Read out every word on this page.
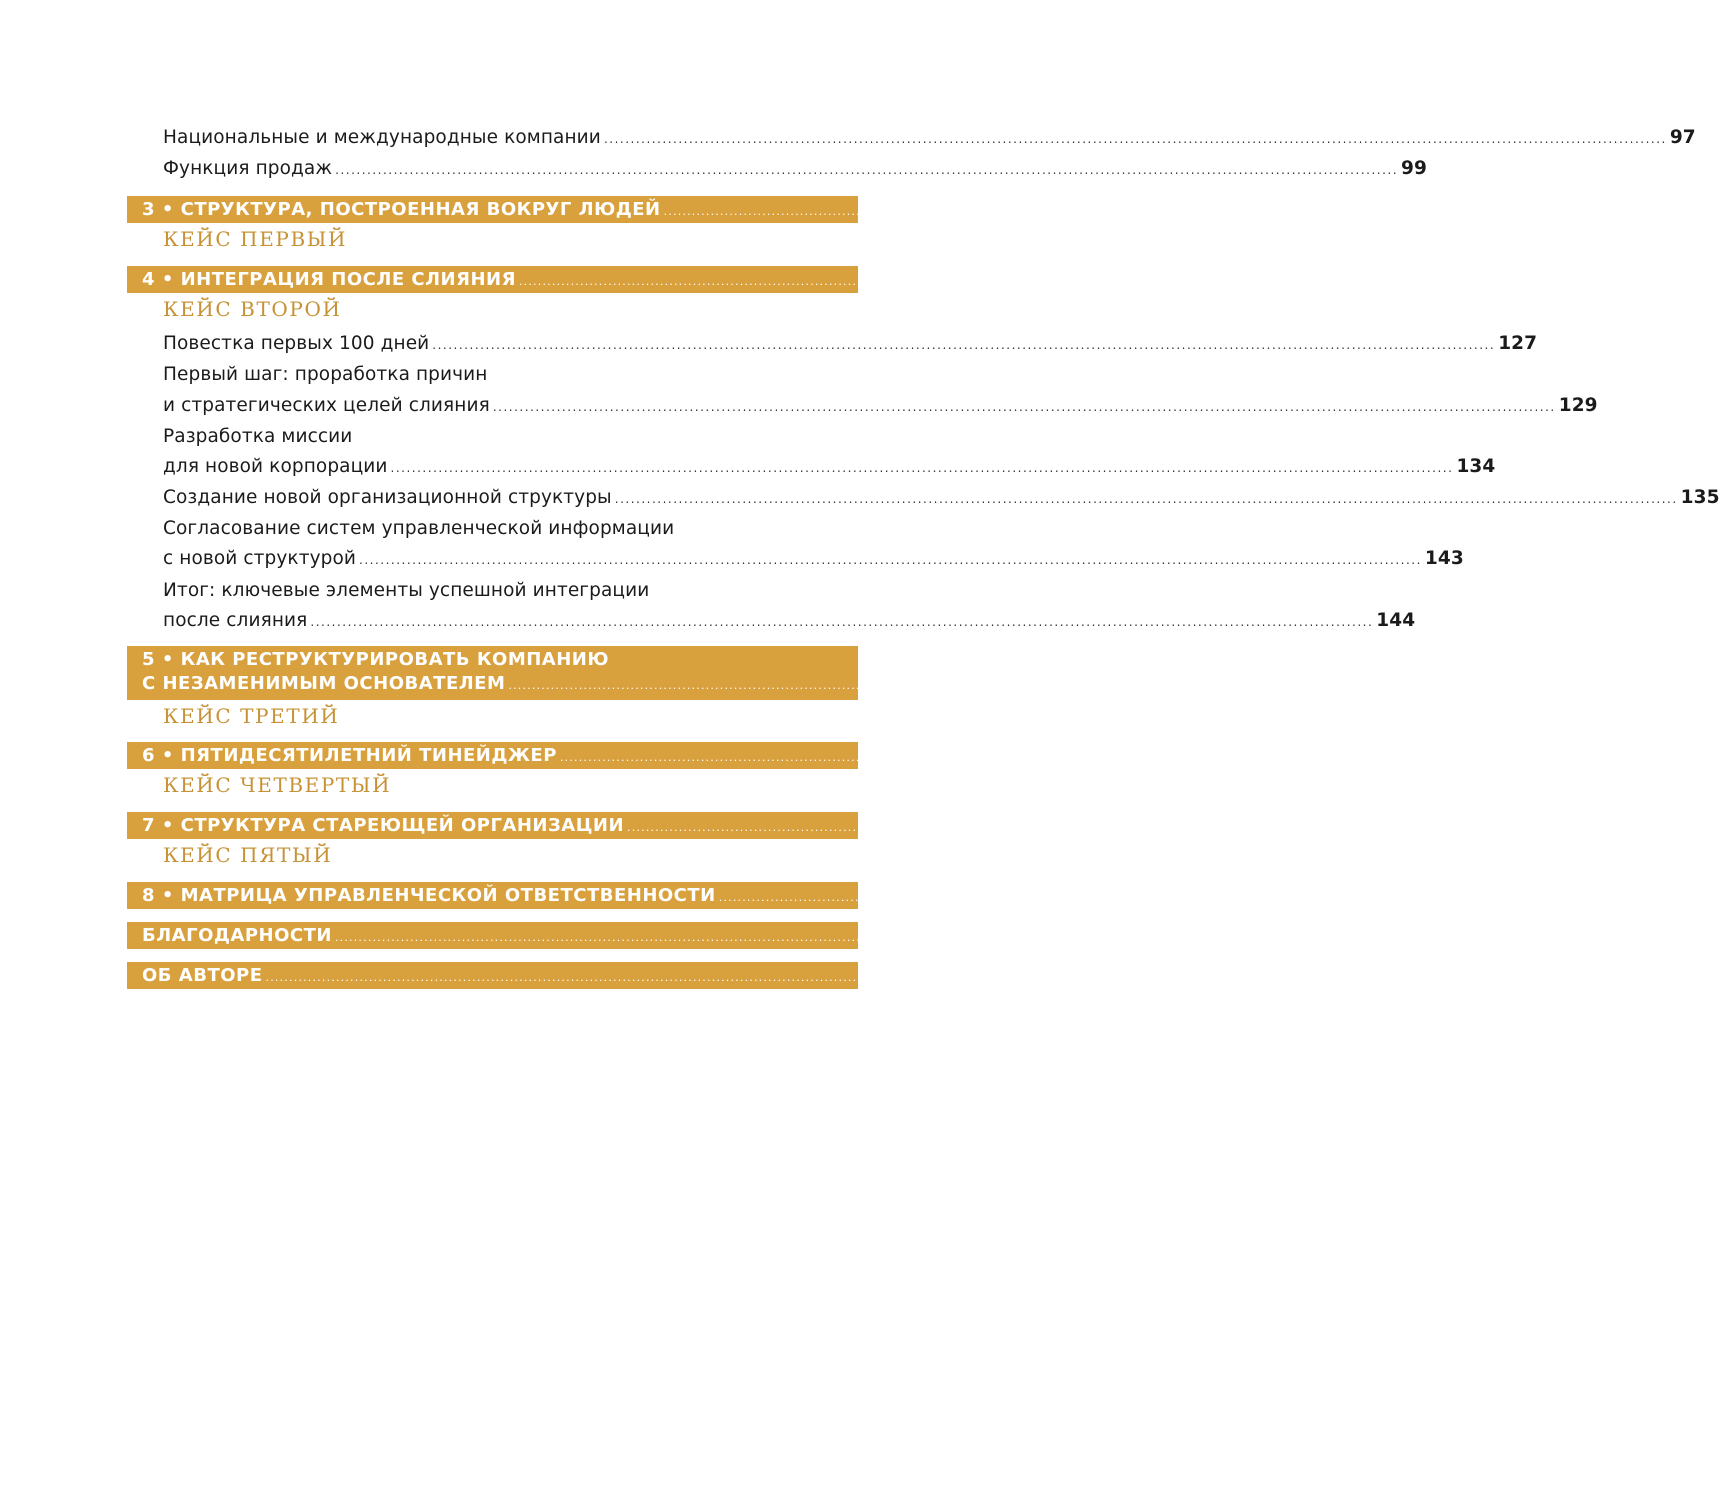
Национальные и международные компании ........................................................................................................................................................................................................ 97
Функция продаж ........................................................................................................................................................................................................ 99
3 • СТРУКТУРА, ПОСТРОЕННАЯ ВОКРУГ ЛЮДЕЙ ........................................................................................................................................................................................................ 102
КЕЙС ПЕРВЫЙ
4 • ИНТЕГРАЦИЯ ПОСЛЕ СЛИЯНИЯ ........................................................................................................................................................................................................ 122
КЕЙС ВТОРОЙ
Повестка первых 100 дней ........................................................................................................................................................................................................ 127
Первый шаг: проработка причин
и стратегических целей слияния ........................................................................................................................................................................................................ 129
Разработка миссии
для новой корпорации ........................................................................................................................................................................................................ 134
Создание новой организационной структуры ........................................................................................................................................................................................................ 135
Согласование систем управленческой информации
с новой структурой ........................................................................................................................................................................................................ 143
Итог: ключевые элементы успешной интеграции
после слияния ........................................................................................................................................................................................................ 144
5 • КАК РЕСТРУКТУРИРОВАТЬ КОМПАНИЮ
С НЕЗАМЕНИМЫМ ОСНОВАТЕЛЕМ ........................................................................................................................................................................................................ 146
КЕЙС ТРЕТИЙ
6 • ПЯТИДЕСЯТИЛЕТНИЙ ТИНЕЙДЖЕР ........................................................................................................................................................................................................ 162
КЕЙС ЧЕТВЕРТЫЙ
7 • СТРУКТУРА СТАРЕЮЩЕЙ ОРГАНИЗАЦИИ ........................................................................................................................................................................................................ 172
КЕЙС ПЯТЫЙ
8 • МАТРИЦА УПРАВЛЕНЧЕСКОЙ ОТВЕТСТВЕННОСТИ ........................................................................................................................................................................................................ 202
БЛАГОДАРНОСТИ ........................................................................................................................................................................................................ 218
ОБ АВТОРЕ ........................................................................................................................................................................................................ 222
